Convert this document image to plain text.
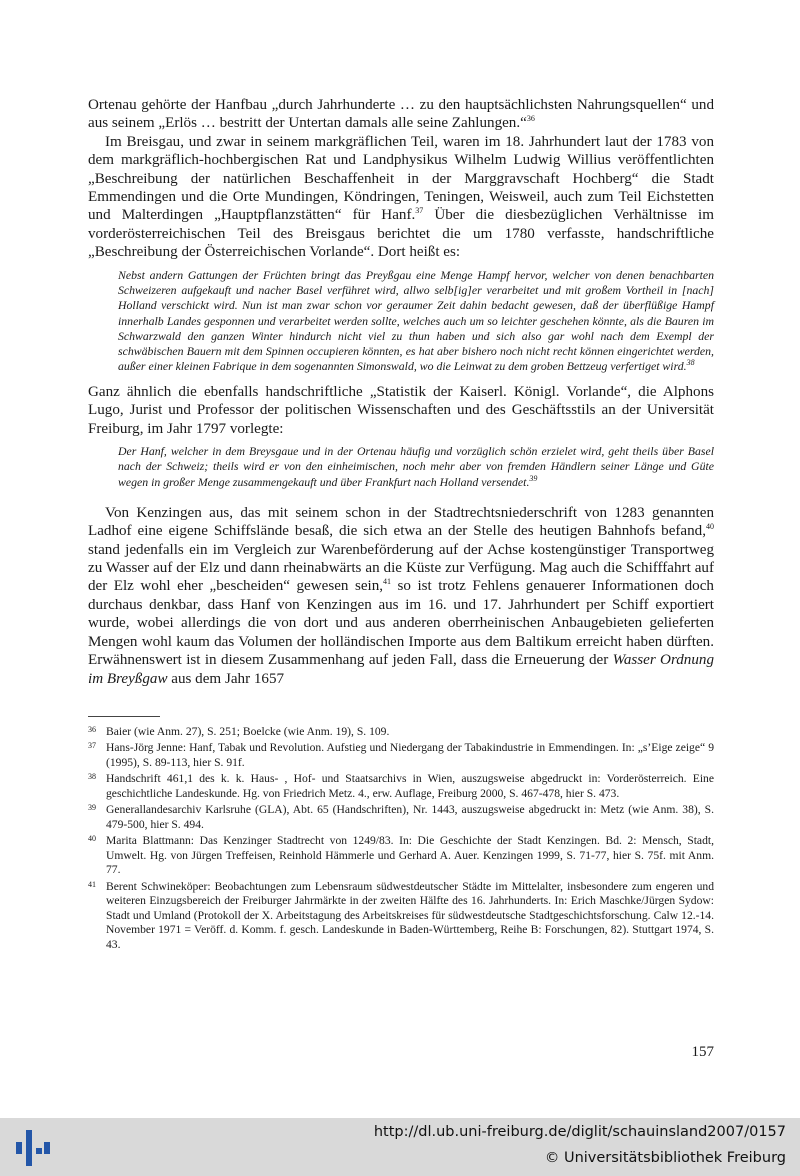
Ortenau gehörte der Hanfbau „durch Jahrhunderte … zu den hauptsächlichsten Nahrungsquellen“ und aus seinem „Erlös … bestritt der Untertan damals alle seine Zahlungen.“$^{36}$

Im Breisgau, und zwar in seinem markgräflichen Teil, waren im 18. Jahrhundert laut der 1783 von dem markgräflich-hochbergischen Rat und Landphysikus Wilhelm Ludwig Willius veröffentlichten „Beschreibung der natürlichen Beschaffenheit in der Marggravschaft Hochberg“ die Stadt Emmendingen und die Orte Mundingen, Köndringen, Teningen, Weisweil, auch zum Teil Eichstetten und Malterdingen „Hauptpflanzstätten“ für Hanf.$^{37}$ Über die diesbezüglichen Verhältnisse im vorderösterreichischen Teil des Breisgaus berichtet die um 1780 verfasste, handschriftliche „Beschreibung der Österreichischen Vorlande“. Dort heißt es:

Nebst andern Gattungen der Früchten bringt das Preyßgau eine Menge Hampf hervor, welcher von denen benachbarten Schweizeren aufgekauft und nacher Basel verführet wird, allwo selb[ig]er verarbeitet und mit großem Vortheil in [nach] Holland verschickt wird. Nun ist man zwar schon vor geraumer Zeit dahin bedacht gewesen, daß der überflüßige Hampf innerhalb Landes gesponnen und verarbeitet werden sollte, welches auch um so leichter geschehen könnte, als die Bauren im Schwarzwald den ganzen Winter hindurch nicht viel zu thun haben und sich also gar wohl nach dem Exempl der schwäbischen Bauern mit dem Spinnen occupieren könnten, es hat aber bishero noch nicht recht können eingerichtet werden, außer einer kleinen Fabrique in dem sogenannten Simonswald, wo die Leinwat zu dem groben Bettzeug verfertiget wird.$^{38}$

Ganz ähnlich die ebenfalls handschriftliche „Statistik der Kaiserl. Königl. Vorlande“, die Alphons Lugo, Jurist und Professor der politischen Wissenschaften und des Geschäftsstils an der Universität Freiburg, im Jahr 1797 vorlegte:

Der Hanf, welcher in dem Breysgaue und in der Ortenau häufig und vorzüglich schön erzielet wird, geht theils über Basel nach der Schweiz; theils wird er von den einheimischen, noch mehr aber von fremden Händlern seiner Länge und Güte wegen in großer Menge zusammengekauft und über Frankfurt nach Holland versendet.$^{39}$

Von Kenzingen aus, das mit seinem schon in der Stadtrechtsniederschrift von 1283 genannten Ladhof eine eigene Schiffslände besaß, die sich etwa an der Stelle des heutigen Bahnhofs befand,$^{40}$ stand jedenfalls ein im Vergleich zur Warenbeförderung auf der Achse kostengünstiger Transportweg zu Wasser auf der Elz und dann rheinabwärts an die Küste zur Verfügung. Mag auch die Schifffahrt auf der Elz wohl eher „bescheiden“ gewesen sein,$^{41}$ so ist trotz Fehlens genauerer Informationen doch durchaus denkbar, dass Hanf von Kenzingen aus im 16. und 17. Jahrhundert per Schiff exportiert wurde, wobei allerdings die von dort und aus anderen oberrheinischen Anbaugebieten gelieferten Mengen wohl kaum das Volumen der holländischen Importe aus dem Baltikum erreicht haben dürften. Erwähnenswert ist in diesem Zusammenhang auf jeden Fall, dass die Erneuerung der Wasser Ordnung im Breyßgaw aus dem Jahr 1657

36 Baier (wie Anm. 27), S. 251; Boelcke (wie Anm. 19), S. 109.

37 Hans-Jörg Jenne: Hanf, Tabak und Revolution. Aufstieg und Niedergang der Tabakindustrie in Emmendingen. In: „s’Eige zeige“ 9 (1995), S. 89-113, hier S. 91f.

38 Handschrift 461,1 des k. k. Haus- , Hof- und Staatsarchivs in Wien, auszugsweise abgedruckt in: Vorderösterreich. Eine geschichtliche Landeskunde. Hg. von Friedrich Metz. 4., erw. Auflage, Freiburg 2000, S. 467-478, hier S. 473.

39 Generallandesarchiv Karlsruhe (GLA), Abt. 65 (Handschriften), Nr. 1443, auszugsweise abgedruckt in: Metz (wie Anm. 38), S. 479-500, hier S. 494.

40 Marita Blattmann: Das Kenzinger Stadtrecht von 1249/83. In: Die Geschichte der Stadt Kenzingen. Bd. 2: Mensch, Stadt, Umwelt. Hg. von Jürgen Treffeisen, Reinhold Hämmerle und Gerhard A. Auer. Kenzingen 1999, S. 71-77, hier S. 75f. mit Anm. 77.

41 Berent Schwineköper: Beobachtungen zum Lebensraum südwestdeutscher Städte im Mittelalter, insbesondere zum engeren und weiteren Einzugsbereich der Freiburger Jahrmärkte in der zweiten Hälfte des 16. Jahrhunderts. In: Erich Maschke/Jürgen Sydow: Stadt und Umland (Protokoll der X. Arbeitstagung des Arbeitskreises für südwestdeutsche Stadtgeschichtsforschung. Calw 12.-14. November 1971 = Veröff. d. Komm. f. gesch. Landeskunde in Baden-Württemberg, Reihe B: Forschungen, 82). Stuttgart 1974, S. 43.

157
http://dl.ub.uni-freiburg.de/diglit/schauinsland2007/0157
© Universitätsbibliothek Freiburg
